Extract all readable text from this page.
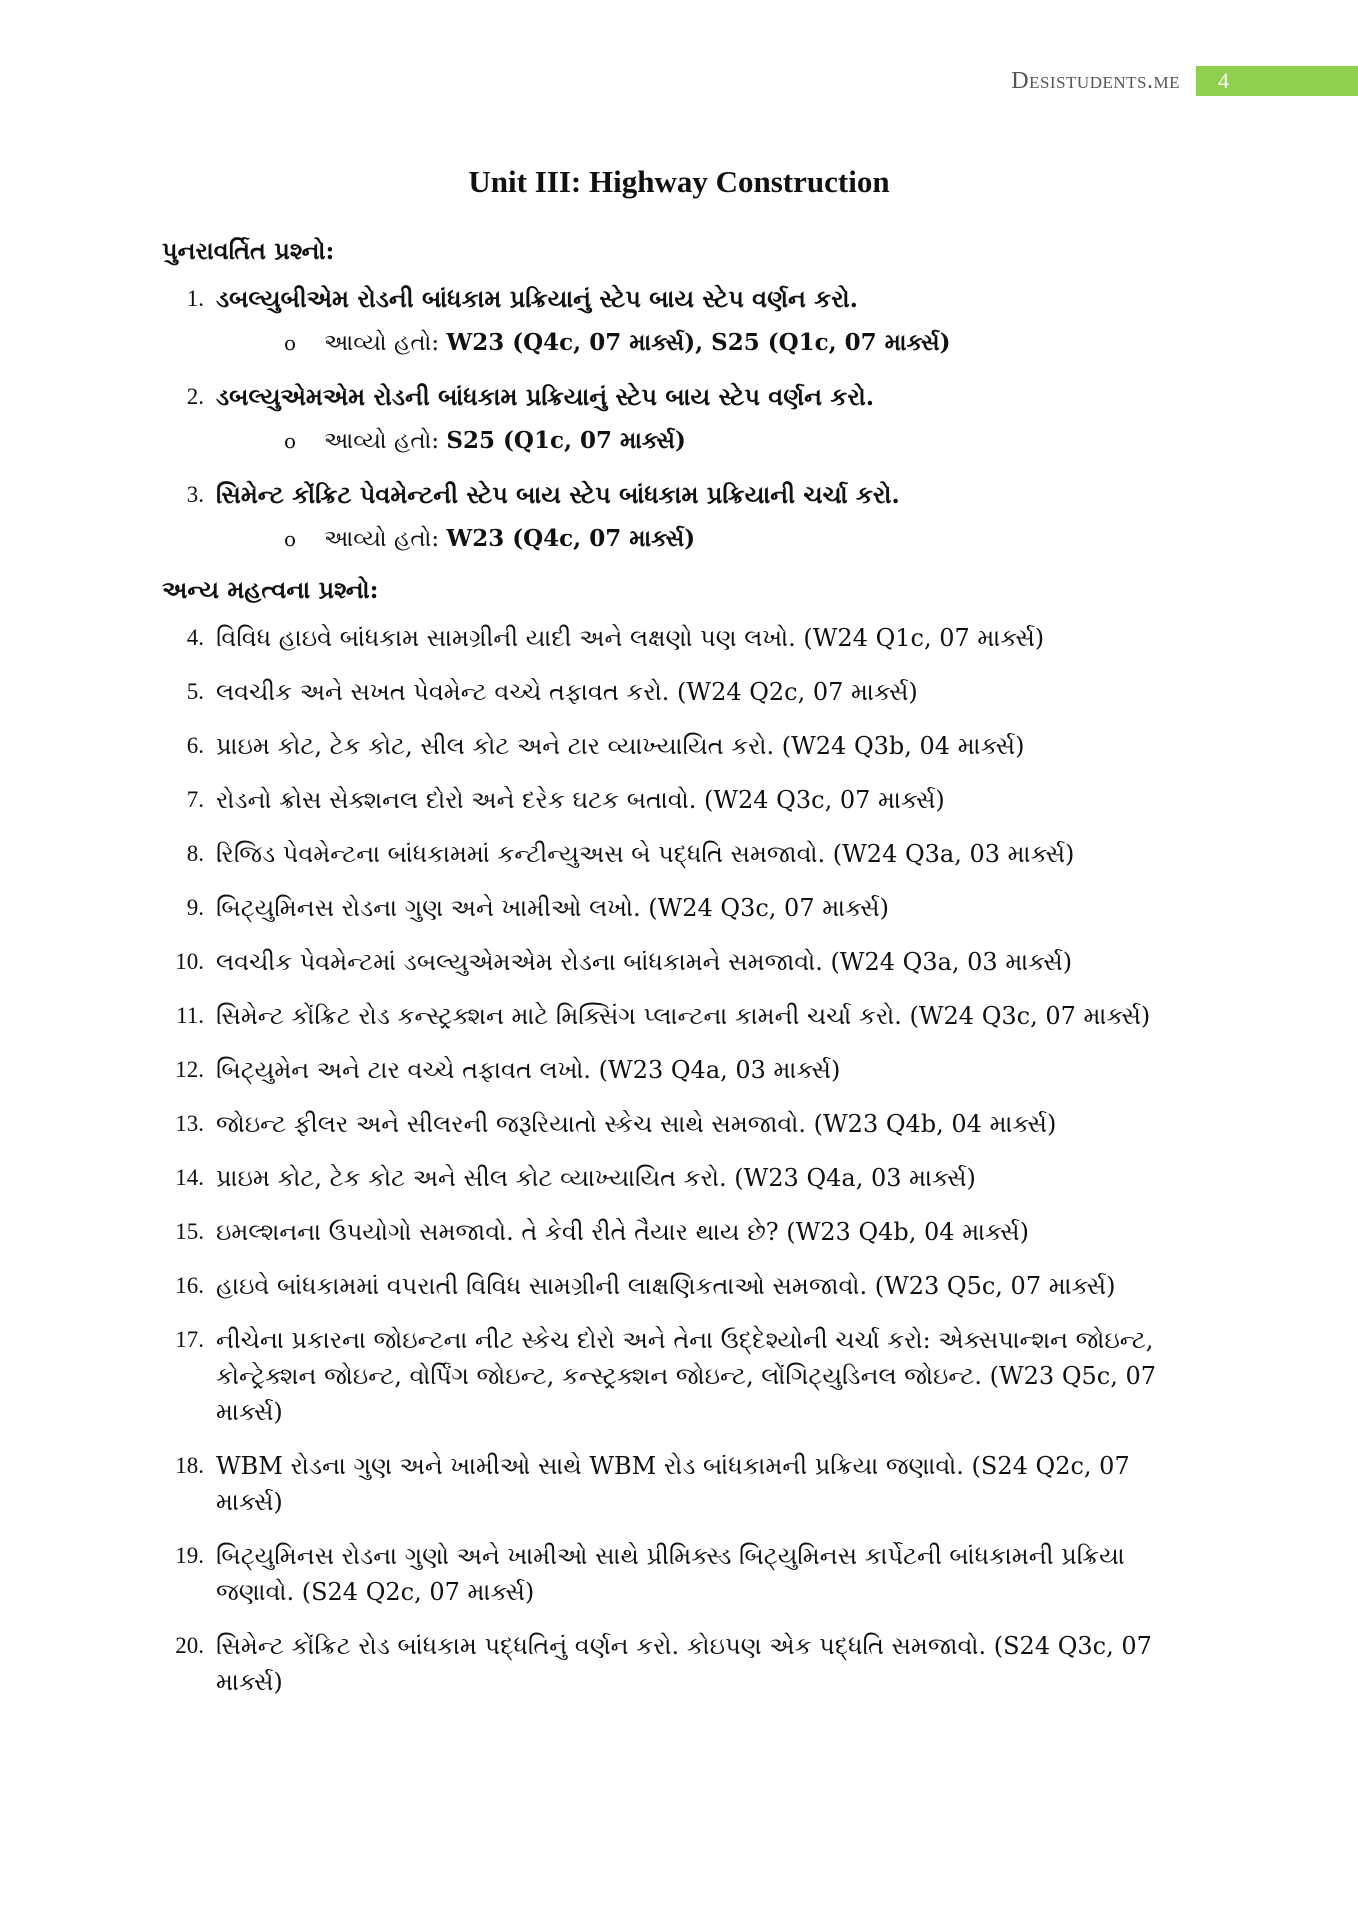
Desistudents.me	4
Unit III: Highway Construction
પુનરાવર્તિત પ્રશ્નો:
1. ડબલ્યુબીએમ રોડની બાંધકામ પ્રક્રિયાનું સ્ટેપ બાય સ્ટેપ વર્ણન કરો.
o	આવ્યો હતો: W23 (Q4c, 07 માર્ક્સ), S25 (Q1c, 07 માર્ક્સ)
2. ડબલ્યુએમએમ રોડની બાંધકામ પ્રક્રિયાનું સ્ટેપ બાય સ્ટેપ વર્ણન કરો.
o	આવ્યો હતો: S25 (Q1c, 07 માર્ક્સ)
3. સિમેન્ટ કોંક્રિટ પેવમેન્ટની સ્ટેપ બાય સ્ટેપ બાંધકામ પ્રક્રિયાની ચર્ચા કરો.
o	આવ્યો હતો: W23 (Q4c, 07 માર્ક્સ)
અન્ય મહત્વના પ્રશ્નો:
4. વિવિધ હાઇવે બાંધકામ સામગ્રીની યાદી અને લક્ષણો પણ લખો. (W24 Q1c, 07 માર્ક્સ)
5. લવચીક અને સખત પેવમેન્ટ વચ્ચે તફાવત કરો. (W24 Q2c, 07 માર્ક્સ)
6. પ્રાઇમ કોટ, ટેક કોટ, સીલ કોટ અને ટાર વ્યાખ્યાયિત કરો. (W24 Q3b, 04 માર્ક્સ)
7. રોડનો ક્રોસ સેક્શનલ દોરો અને દરેક ઘટક બતાવો. (W24 Q3c, 07 માર્ક્સ)
8. રિજિડ પેવમેન્ટના બાંધકામમાં કન્ટીન્યુઅસ બે પદ્ધતિ સમજાવો. (W24 Q3a, 03 માર્ક્સ)
9. બિટ્યુમિનસ રોડના ગુણ અને ખામીઓ લખો. (W24 Q3c, 07 માર્ક્સ)
10. લવચીક પેવમેન્ટમાં ડબલ્યુએમએમ રોડના બાંધકામને સમજાવો. (W24 Q3a, 03 માર્ક્સ)
11. સિમેન્ટ કોંક્રિટ રોડ કન્સ્ટ્રક્શન માટે મિક્સિંગ પ્લાન્ટના કામની ચર્ચા કરો. (W24 Q3c, 07 માર્ક્સ)
12. બિટ્યુમેન અને ટાર વચ્ચે તફાવત લખો. (W23 Q4a, 03 માર્ક્સ)
13. જોઇન્ટ ફીલર અને સીલરની જરૂરિયાતો સ્કેચ સાથે સમજાવો. (W23 Q4b, 04 માર્ક્સ)
14. પ્રાઇમ કોટ, ટેક કોટ અને સીલ કોટ વ્યાખ્યાયિત કરો. (W23 Q4a, 03 માર્ક્સ)
15. ઇમલ્શનના ઉપયોગો સમજાવો. તે કેવી રીતે તૈયાર થાય છે? (W23 Q4b, 04 માર્ક્સ)
16. હાઇવે બાંધકામમાં વપરાતી વિવિધ સામગ્રીની લાક્ષણિકતાઓ સમજાવો. (W23 Q5c, 07 માર્ક્સ)
17. નીચેના પ્રકારના જોઇન્ટના નીટ સ્કેચ દોરો અને તેના ઉદ્દેશ્યોની ચર્ચા કરો: એક્સપાન્શન જોઇન્ટ, કોન્ટ્રેક્શન જોઇન્ટ, વોર્પિંગ જોઇન્ટ, કન્સ્ટ્રક્શન જોઇન્ટ, લોંગિટ્યુડિનલ જોઇન્ટ. (W23 Q5c, 07 માર્ક્સ)
18. WBM રોડના ગુણ અને ખામીઓ સાથે WBM રોડ બાંધકામની પ્રક્રિયા જણાવો. (S24 Q2c, 07 માર્ક્સ)
19. બિટ્યુમિનસ રોડના ગુણો અને ખામીઓ સાથે પ્રીમિક્સ્ડ બિટ્યુમિનસ કાર્પેટની બાંધકામની પ્રક્રિયા જણાવો. (S24 Q2c, 07 માર્ક્સ)
20. સિમેન્ટ કોંક્રિટ રોડ બાંધકામ પદ્ધતિનું વર્ણન કરો. કોઇપણ એક પદ્ધતિ સમજાવો. (S24 Q3c, 07 માર્ક્સ)
